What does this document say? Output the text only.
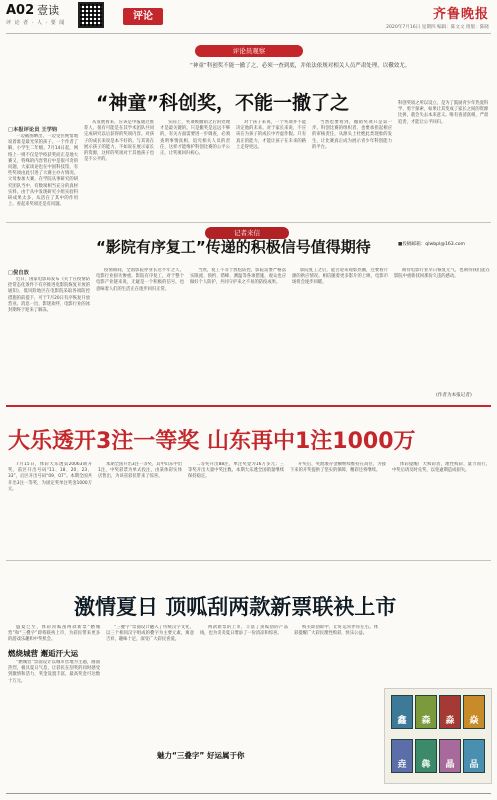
A02 壹读
评 论 者 · 人 · 要 闻
评论	齐鲁晚报
2020年7月16日 星期四 编辑：陈文文 组版：陈晓
评论员观察
“神童”科创奖不能一撤了之，必须一查到底，并依法依规对相关人员严肃处理，以儆效尤。
“神童”科创奖，不能一撤了之
□本报评论员 王学钧

一边截图晒出，一边受住惋惜地说着谁是最光荣的孩子。一个作者了解，小学生二年级。7月14日起，网络上一则不仅是学校获奖而正是地大赛又，特殊的内容背后中是很可奇的问题，大家谈论也在中国科技馆，有些奖项由此引进了大赛主办方情况。父母参加大赛，在学院从事研究的研究团队当中，有数项相当充分的真材实料。由于从中发现研究小组实验科研成果太多，从活在了其中的作用上。看起来奖项还是有问题。

从发展看来，应该是申报通过推荐人，很有可能是在其学术团队共同完成研究以后获得的奖项内容。对孩子的成长来说是本不好的。与其说在展示孩子的能力，不如说在展示家长的资源，这样的奖项对于其他孩子也是不公平的。

实际上，奖项被撤销之后的处理才是最关键的。只是撤奖是远远不够的，有关方面需要进一步调查，必须查明事情真相，追究相关人员的责任，这样才能维护科创比赛的公平公正，让奖项回归初心。

对于孩子来说，一个奖项并不能决定他的未来。对于家长来说，不应该在为孩子的成长中弄虚作假。只有真正的能力，才能让孩子在未来的路上走得更远。

当然也要看到，撤销奖项只是第一步。科创比赛的组织者，也要承担起相应的审核责任，从源头上杜绝此类现象的发生，让比赛真正成为展示青少年科创能力的平台。

科创奖项之所以设立，是为了鼓励青少年热爱科学、勇于探索，如果让其变成了家长之间的资源比拼，就会失去本来意义。唯有查清真相，严肃追责，才能让公平回归。
■投稿邮箱：qlwbpl@163.com
记者来信
“影院有序复工”传递的积极信号值得期待
□倪自放

近日，国家电影局发布《关于在疫情防控常态化条件下有序推进电影院恢复开放的通知》，低风险地区在电影院采取各项防控措施的前提下，可于7月20日有序恢复开放营业。消息一出，影迷欢呼，电影行业的冰封期终于迎来了解冻。

疫情期间，全国影院停业长达半年之久，电影行业损失惨重。影院有序复工，对于整个电影产业链来说，无疑是一个积极的信号，也意味着人们的生活正在逐步回归正常。

当然，复工不等于放松防控，影院需要严格落实限流、预约、错峰、测温等各项措施，观众也应做好个人防护，共同守护来之不易的防疫成果。

影院复工之后，能否迎来观影热潮，还要看片源的供应情况。相信随着更多影片的上映，电影市场将会逐步回暖。

期待电影行业早日恢复元气，也期待我们能在影院中重新找回那份久违的感动。

(作者为本报记者)
大乐透开3注一等奖 山东再中1注1000万

7月15日，体彩大乐透第20063期开奖，前区开出号码“11、18、20、23、33”，后区开出号码“09、07”。本期全国共开出3注一等奖，为固定奖单注奖金1000万元。

本期全国开出3注一等奖，其中山东中出1注，中奖彩票为单式投注，由某体彩实体店售出，为该省彩民带来了惊喜。

二等奖开出88注，单注奖金为16万多元；三等奖开出大量中奖注数。本期大乐透全国销量继续保持稳定。

开奖后，奖池滚存金额继续维持在高位，为接下来的开奖提供了坚实的保障，精彩还将继续。

体彩提醒广大购彩者，理性购彩、量力而行，中奖后请及时兑奖，以免逾期造成损失。

激情夏日 顶呱刮两款新票联袂上市

盛夏已至，体彩顶呱刮两款新票“燃城营”和“三叠字”即将联袂上市，为彩民带来更多的游戏乐趣和中奖机会。

燃烧城营 邂逅汗大运

“燃城营”票面设计以城市营地为主题，画面热烈，极具夏日气息，让彩民在刮奖的同时感受到激情和活力，奖金设置丰富，最高奖金可达数十万元。

“三叠字”票面设计融入了传统汉字文化，以三个相同汉字组成的叠字为主要元素，寓意吉祥，趣味十足，深受广大彩民喜爱。

魅力“三叠字” 好运属于你

两款新票的上市，丰富了顶呱刮的产品线，也为炎炎夏日增添了一份清凉和惊喜。

购买即刮即中，让好运常伴你左右。体彩提醒广大彩民理性购彩，快乐公益。

鑫	森	淼	焱
垚	犇	晶	品
